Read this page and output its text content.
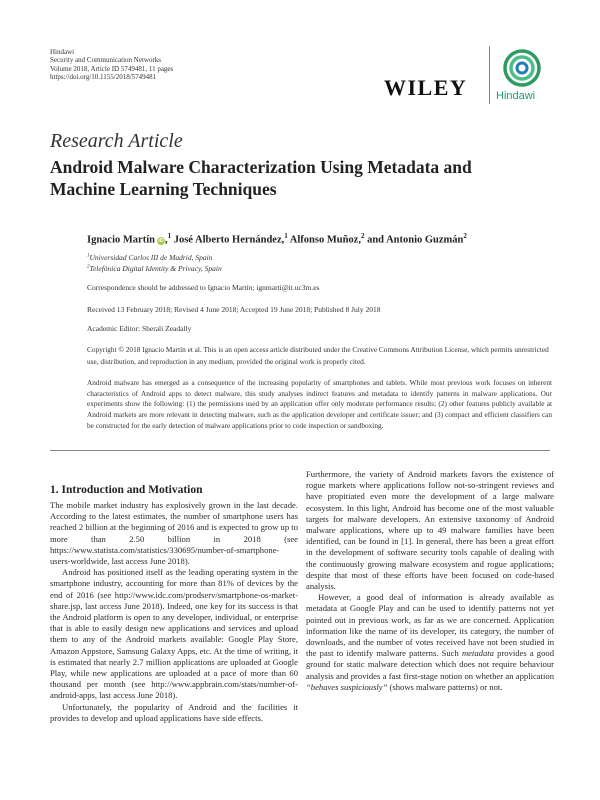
Hindawi
Security and Communication Networks
Volume 2018, Article ID 5749481, 11 pages
https://doi.org/10.1155/2018/5749481	WILEY	Hindawi
Research Article
Android Malware Characterization Using Metadata and Machine Learning Techniques
Ignacio Martín iD,$^1$ José Alberto Hernández,$^1$ Alfonso Muñoz,$^2$ and Antonio Guzmán$^2$
$^1$Universidad Carlos III de Madrid, Spain
$^2$Telefónica Digital Identity & Privacy, Spain
Correspondence should be addressed to Ignacio Martín; ignmarti@it.uc3m.es
Received 13 February 2018; Revised 4 June 2018; Accepted 19 June 2018; Published 8 July 2018
Academic Editor: Sherali Zeadally

Copyright © 2018 Ignacio Martín et al. This is an open access article distributed under the Creative Commons Attribution License, which permits unrestricted use, distribution, and reproduction in any medium, provided the original work is properly cited.

Android malware has emerged as a consequence of the increasing popularity of smartphones and tablets. While most previous work focuses on inherent characteristics of Android apps to detect malware, this study analyses indirect features and metadata to identify patterns in malware applications. Our experiments show the following: (1) the permissions used by an application offer only moderate performance results; (2) other features publicly available at Android markets are more relevant in detecting malware, such as the application developer and certificate issuer; and (3) compact and efficient classifiers can be constructed for the early detection of malware applications prior to code inspection or sandboxing.

1. Introduction and Motivation

The mobile market industry has explosively grown in the last decade. According to the latest estimates, the number of smartphone users has reached 2 billion at the beginning of 2016 and is expected to grow up to more than 2.50 billion in 2018 (see https://www.statista.com/statistics/330695/number-of-smartphone-users-worldwide, last access June 2018).

Android has positioned itself as the leading operating system in the smartphone industry, accounting for more than 81% of devices by the end of 2016 (see http://www.idc.com/prodserv/smartphone-os-market-share.jsp, last access June 2018). Indeed, one key for its success is that the Android platform is open to any developer, individual, or enterprise that is able to easily design new applications and services and upload them to any of the Android markets available: Google Play Store, Amazon Appstore, Samsung Galaxy Apps, etc. At the time of writing, it is estimated that nearly 2.7 million applications are uploaded at Google Play, while new applications are uploaded at a pace of more than 60 thousand per month (see http://www.appbrain.com/stats/number-of-android-apps, last access June 2018).

Unfortunately, the popularity of Android and the facilities it provides to develop and upload applications have side effects.

Furthermore, the variety of Android markets favors the existence of rogue markets where applications follow not-so-stringent reviews and have propitiated even more the development of a large malware ecosystem. In this light, Android has become one of the most valuable targets for malware developers. An extensive taxonomy of Android malware applications, where up to 49 malware families have been identified, can be found in [1]. In general, there has been a great effort in the development of software security tools capable of dealing with the continuously growing malware ecosystem and rogue applications; despite that most of these efforts have been focused on code-based analysis.

However, a good deal of information is already available as metadata at Google Play and can be used to identify patterns not yet pointed out in previous work, as far as we are concerned. Application information like the name of its developer, its category, the number of downloads, and the number of votes received have not been studied in the past to identify malware patterns. Such metadata provides a good ground for static malware detection which does not require behaviour analysis and provides a fast first-stage notion on whether an application “behaves suspiciously” (shows malware patterns) or not.
